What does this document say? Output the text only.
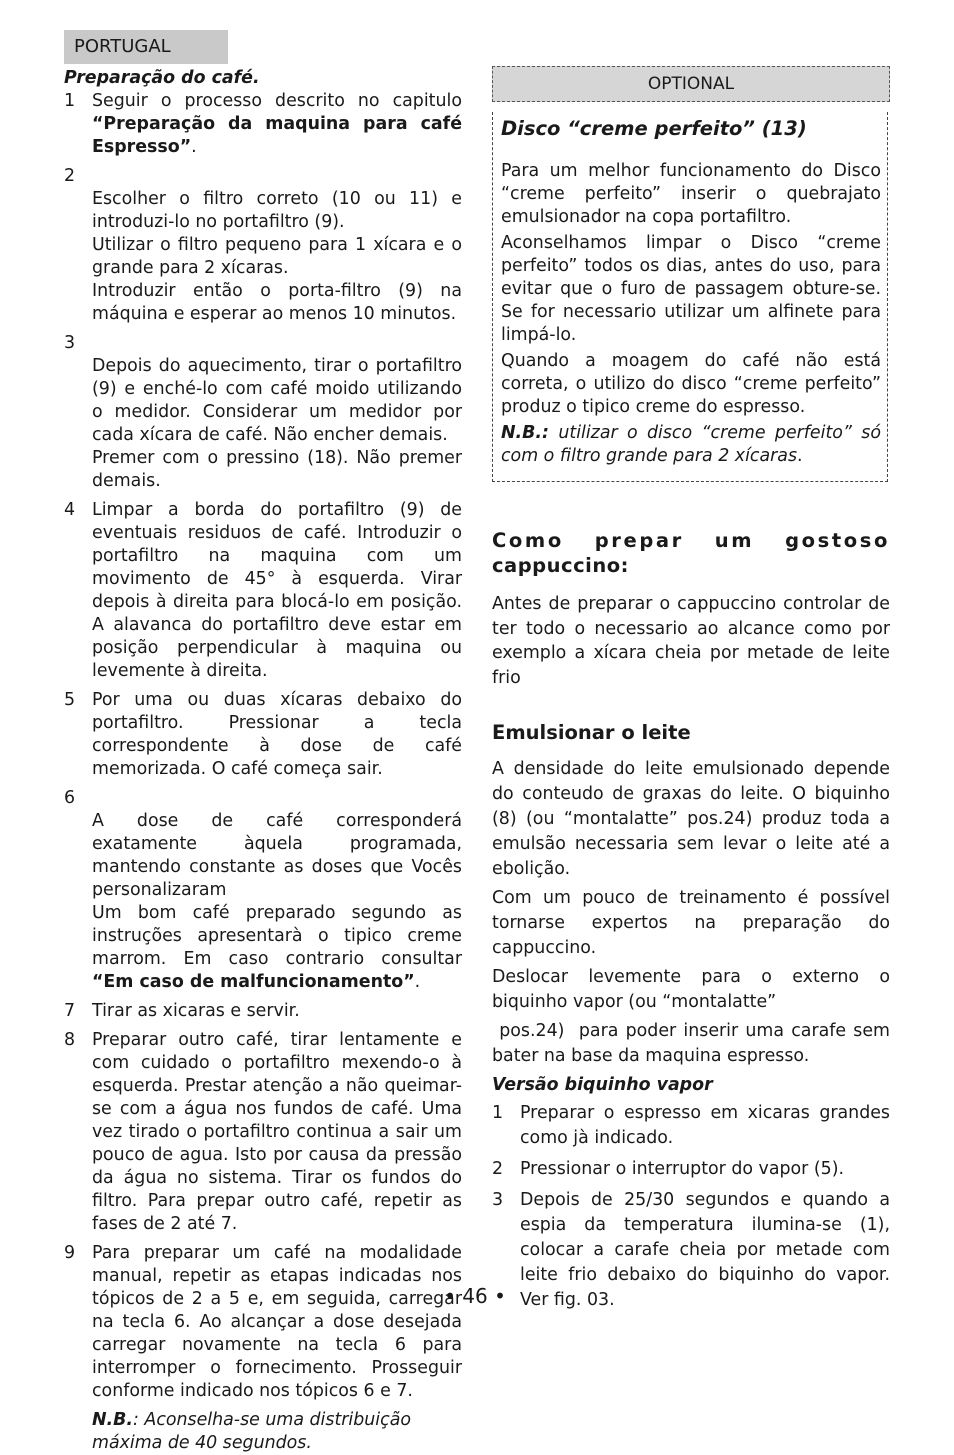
PORTUGAL

Preparação do café.

1 Seguir o processo descrito no capitulo “Preparação da maquina para café Espresso”.

2
Escolher o filtro correto (10 ou 11) e introduzi-lo no portafiltro (9).
Utilizar o filtro pequeno para 1 xícara e o grande para 2 xícaras.
Introduzir então o porta-filtro (9) na máquina e esperar ao menos 10 minutos.

3
Depois do aquecimento, tirar o portafiltro (9) e enché-lo com café moido utilizando o medidor. Considerar um medidor por cada xícara de café. Não encher demais.
Premer com o pressino (18). Não premer demais.

4 Limpar a borda do portafiltro (9) de eventuais residuos de café. Introduzir o portafiltro na maquina com um movimento de 45° à esquerda. Virar depois à direita para blocá-lo em posição. A alavanca do portafiltro deve estar em posição perpendicular à maquina ou levemente à direita.
5 Por uma ou duas xícaras debaixo do portafiltro. Pressionar a tecla correspondente à dose de café memorizada. O café começa sair.

6
A dose de café corresponderá exatamente àquela programada, mantendo constante as doses que Vocês personalizaram
Um bom café preparado segundo as instruções apresentarà o tipico creme marrom. Em caso contrario consultar “Em caso de malfuncionamento”.

7 Tirar as xicaras e servir.
8 Preparar outro café, tirar lentamente e com cuidado o portafiltro mexendo-o à esquerda. Prestar atenção a não queimar-se com a água nos fundos de café. Uma vez tirado o portafiltro continua a sair um pouco de agua. Isto por causa da pressão da água no sistema. Tirar os fundos do filtro. Para prepar outro café, repetir as fases de 2 até 7.
9 Para preparar um café na modalidade manual, repetir as etapas indicadas nos tópicos de 2 a 5 e, em seguida, carregar na tecla 6. Ao alcançar a dose desejada carregar novamente na tecla 6 para interromper o fornecimento. Prosseguir conforme indicado nos tópicos 6 e 7.

N.B.: Aconselha-se uma distribuição máxima de 40 segundos.

OPTIONAL
Disco “creme perfeito” (13)

Para um melhor funcionamento do Disco “creme perfeito” inserir o quebrajato emulsionador na copa portafiltro.

Aconselhamos limpar o Disco “creme perfeito” todos os dias, antes do uso, para evitar que o furo de passagem obture-se. Se for necessario utilizar um alfinete para limpá-lo.

Quando a moagem do café não está correta, o utilizo do disco “creme perfeito” produz o tipico creme do espresso.

N.B.: utilizar o disco “creme perfeito” só com o filtro grande para 2 xícaras.

Como prepar um gostoso
cappuccino:

Antes de preparar o cappuccino controlar de ter todo o necessario ao alcance como por exemplo a xícara cheia por metade de leite frio

Emulsionar o leite

A densidade do leite emulsionado depende do conteudo de graxas do leite. O biquinho (8) (ou “montalatte” pos.24) produz toda a emulsão necessaria sem levar o leite até a ebolição.

Com um pouco de treinamento é possível tornarse expertos na preparação do cappuccino.

Deslocar levemente para o externo o biquinho vapor (ou “montalatte”

pos.24)  para poder inserir uma carafe sem bater na base da maquina espresso.

Versão biquinho vapor

1 Preparar o espresso em xicaras grandes como jà indicado.
2 Pressionar o interruptor do vapor (5).
3 Depois de 25/30 segundos e quando a espia da temperatura ilumina-se (1), colocar a carafe cheia por metade com leite frio debaixo do biquinho do vapor. Ver fig. 03.
• 46 •
